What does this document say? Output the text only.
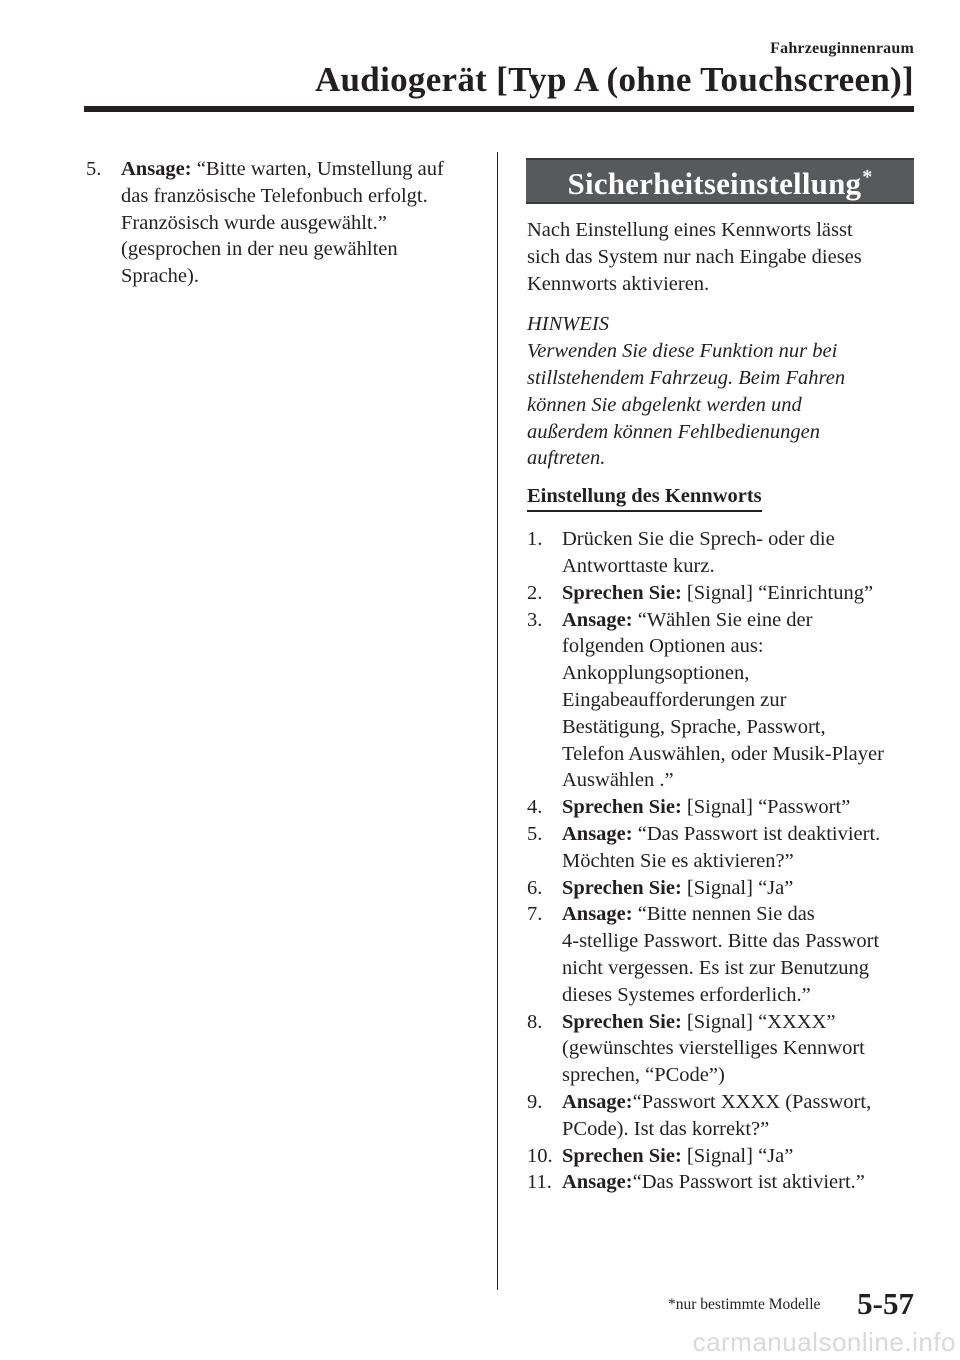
Fahrzeuginnenraum
Audiogerät [Typ A (ohne Touchscreen)]
5. Ansage: “Bitte warten, Umstellung auf
das französische Telefonbuch erfolgt.
Französisch wurde ausgewählt.”
(gesprochen in der neu gewählten
Sprache).
Sicherheitseinstellung*
Nach Einstellung eines Kennworts lässt
sich das System nur nach Eingabe dieses
Kennworts aktivieren.
HINWEIS
Verwenden Sie diese Funktion nur bei
stillstehendem Fahrzeug. Beim Fahren
können Sie abgelenkt werden und
außerdem können Fehlbedienungen
auftreten.
Einstellung des Kennworts
1. Drücken Sie die Sprech- oder die
Antworttaste kurz.
2. Sprechen Sie: [Signal] “Einrichtung”
3. Ansage: “Wählen Sie eine der
folgenden Optionen aus:
Ankopplungsoptionen,
Eingabeaufforderungen zur
Bestätigung, Sprache, Passwort,
Telefon Auswählen, oder Musik-Player
Auswählen .”
4. Sprechen Sie: [Signal] “Passwort”
5. Ansage: “Das Passwort ist deaktiviert.
Möchten Sie es aktivieren?”
6. Sprechen Sie: [Signal] “Ja”
7. Ansage: “Bitte nennen Sie das
4-stellige Passwort. Bitte das Passwort
nicht vergessen. Es ist zur Benutzung
dieses Systemes erforderlich.”
8. Sprechen Sie: [Signal] “XXXX”
(gewünschtes vierstelliges Kennwort
sprechen, “PCode”)
9. Ansage:“Passwort XXXX (Passwort,
PCode). Ist das korrekt?”
10. Sprechen Sie: [Signal] “Ja”
11. Ansage:“Das Passwort ist aktiviert.”
*nur bestimmte Modelle 5-57
carmanualsonline.info
